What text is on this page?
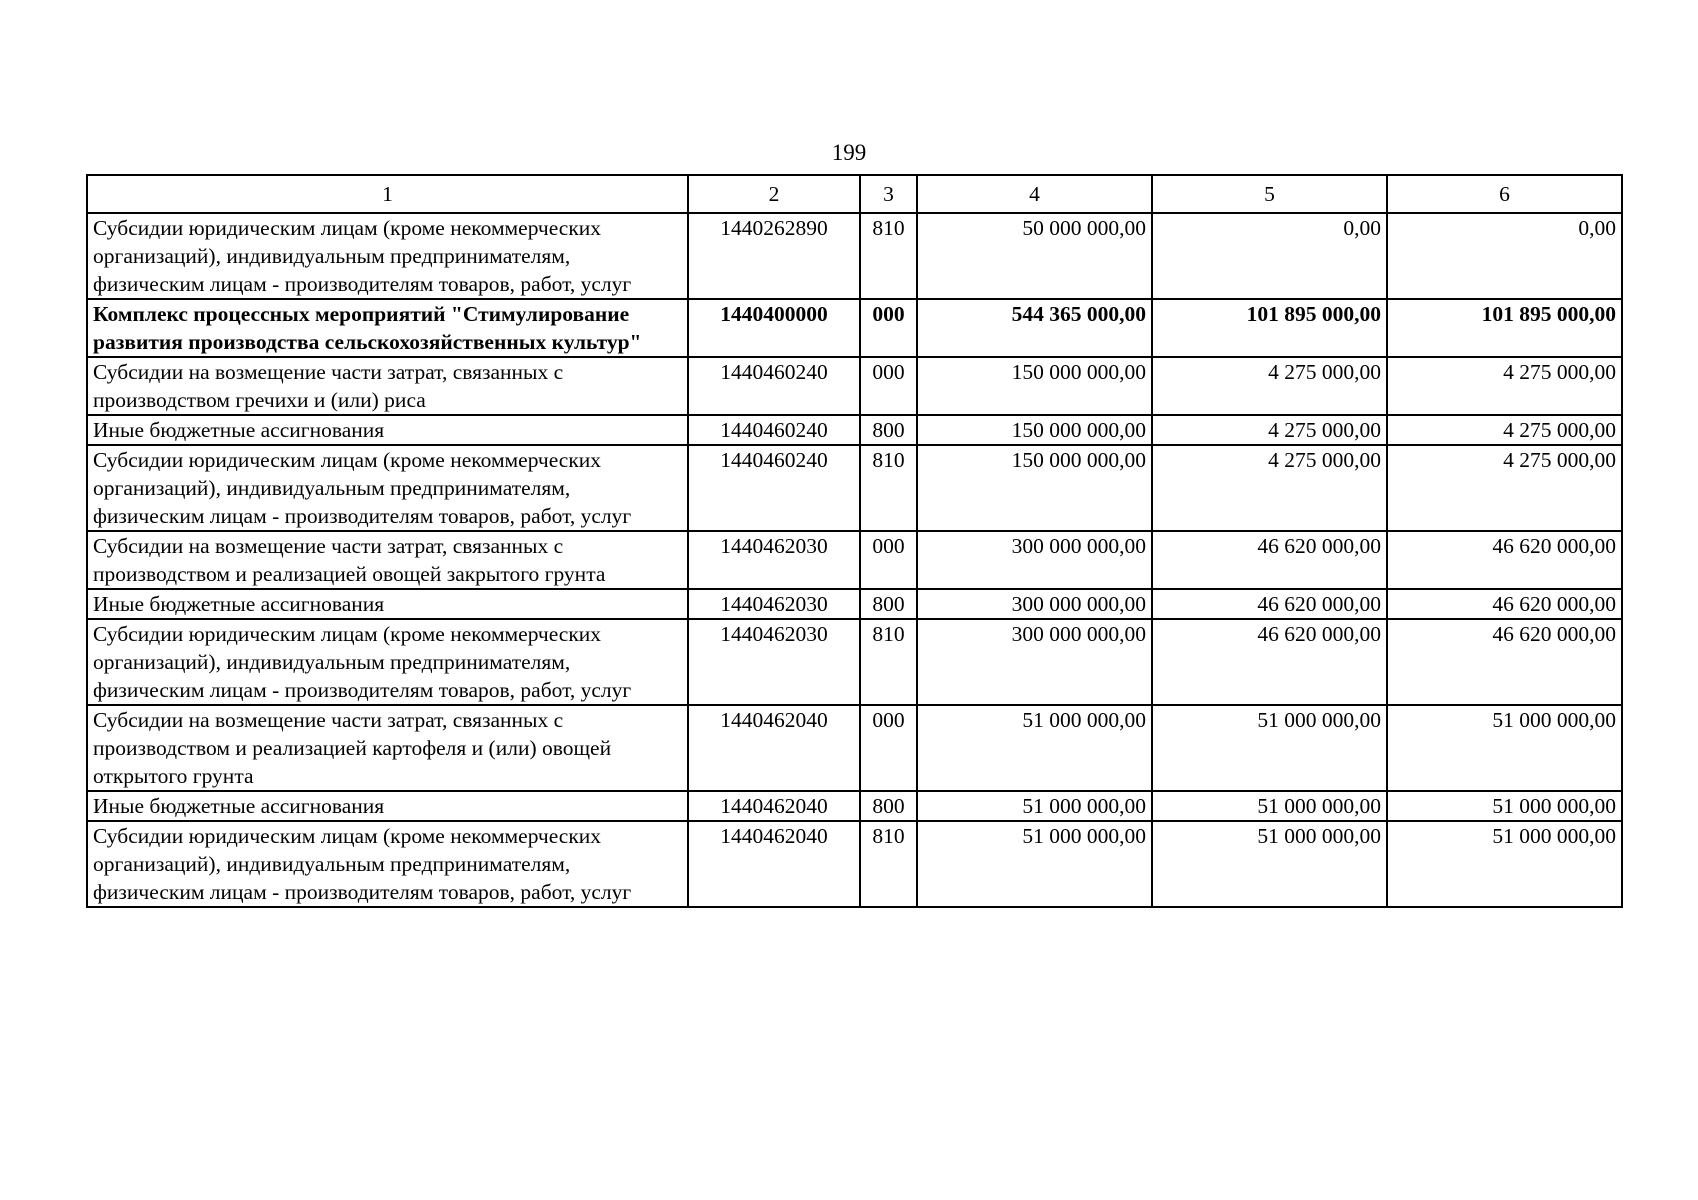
199
1	2	3	4	5	6
Субсидии юридическим лицам (кроме некоммерческих организаций), индивидуальным предпринимателям, физическим лицам - производителям товаров, работ, услуг	1440262890	810	50 000 000,00	0,00	0,00
Комплекс процессных мероприятий "Стимулирование развития производства сельскохозяйственных культур"	1440400000	000	544 365 000,00	101 895 000,00	101 895 000,00
Субсидии на возмещение части затрат, связанных с производством гречихи и (или) риса	1440460240	000	150 000 000,00	4 275 000,00	4 275 000,00
Иные бюджетные ассигнования	1440460240	800	150 000 000,00	4 275 000,00	4 275 000,00
Субсидии юридическим лицам (кроме некоммерческих организаций), индивидуальным предпринимателям, физическим лицам - производителям товаров, работ, услуг	1440460240	810	150 000 000,00	4 275 000,00	4 275 000,00
Субсидии на возмещение части затрат, связанных с производством и реализацией овощей закрытого грунта	1440462030	000	300 000 000,00	46 620 000,00	46 620 000,00
Иные бюджетные ассигнования	1440462030	800	300 000 000,00	46 620 000,00	46 620 000,00
Субсидии юридическим лицам (кроме некоммерческих организаций), индивидуальным предпринимателям, физическим лицам - производителям товаров, работ, услуг	1440462030	810	300 000 000,00	46 620 000,00	46 620 000,00
Субсидии на возмещение части затрат, связанных с производством и реализацией картофеля и (или) овощей открытого грунта	1440462040	000	51 000 000,00	51 000 000,00	51 000 000,00
Иные бюджетные ассигнования	1440462040	800	51 000 000,00	51 000 000,00	51 000 000,00
Субсидии юридическим лицам (кроме некоммерческих организаций), индивидуальным предпринимателям, физическим лицам - производителям товаров, работ, услуг	1440462040	810	51 000 000,00	51 000 000,00	51 000 000,00
